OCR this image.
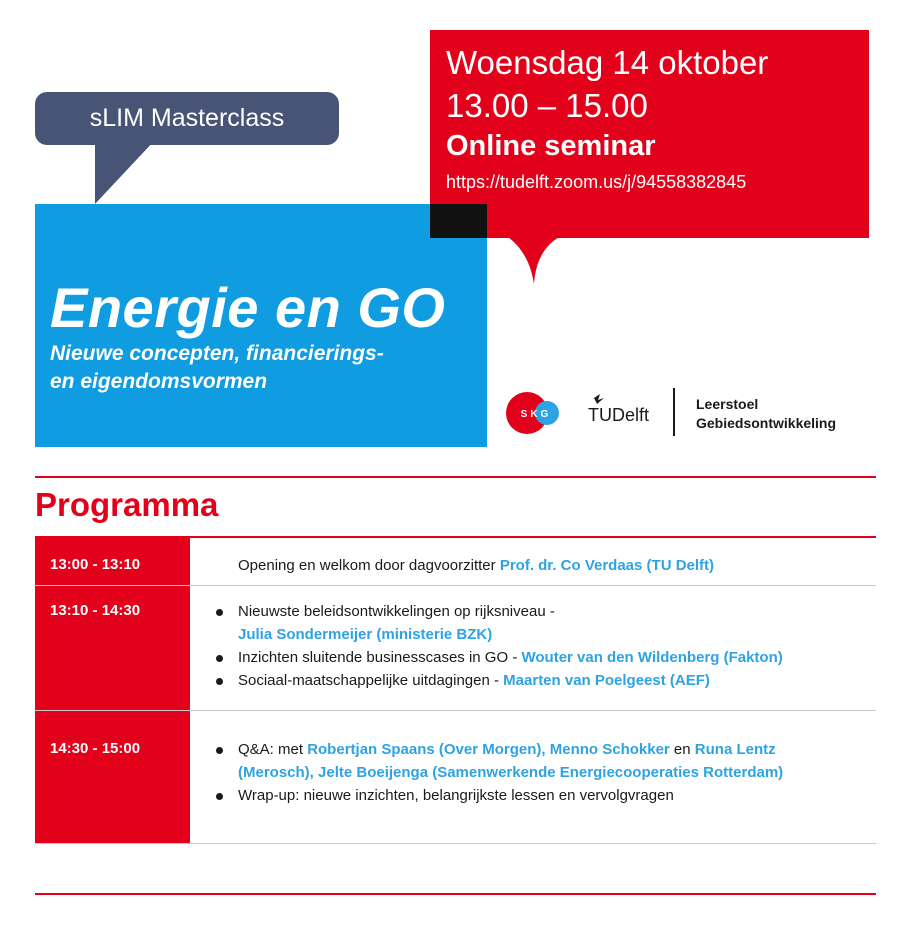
sLIM Masterclass
Woensdag 14 oktober
13.00 – 15.00
Online seminar
https://tudelft.zoom.us/j/94558382845
Energie en GO
Nieuwe concepten, financierings-
en eigendomsvormen
SKG TUDelft
Leerstoel
Gebiedsontwikkeling
Programma
13:00 - 13:10	Opening en welkom door dagvoorzitter Prof. dr. Co Verdaas (TU Delft)
13:10 - 14:30	Nieuwste beleidsontwikkelingen op rijksniveau -
Julia Sondermeijer (ministerie BZK)
Inzichten sluitende businesscases in GO - Wouter van den Wildenberg (Fakton)
Sociaal-maatschappelijke uitdagingen - Maarten van Poelgeest (AEF)
14:30 - 15:00	Q&A: met Robertjan Spaans (Over Morgen), Menno Schokker en Runa Lentz
(Merosch), Jelte Boeijenga (Samenwerkende Energiecooperaties Rotterdam)
Wrap-up: nieuwe inzichten, belangrijkste lessen en vervolgvragen
